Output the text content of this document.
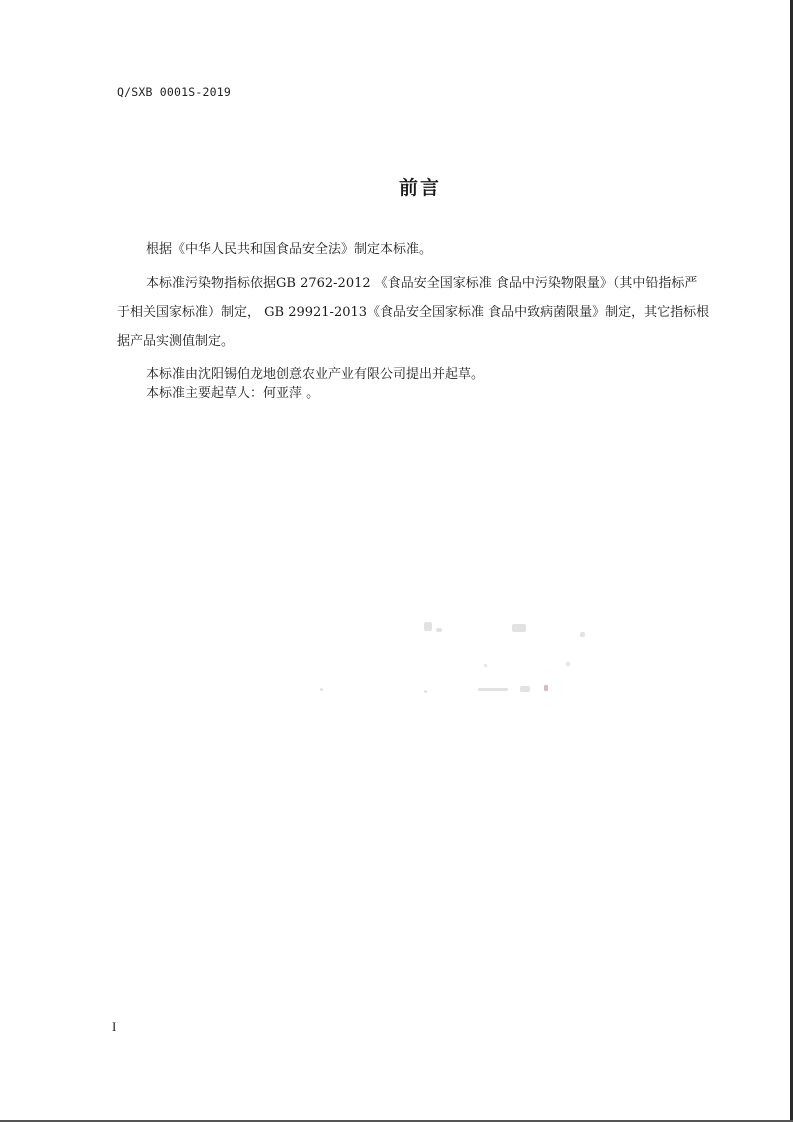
Q/SXB 0001S-2019
前言
根据《中华人民共和国食品安全法》制定本标准。
本标准污染物指标依据GB 2762-2012 《食品安全国家标准 食品中污染物限量》（其中铅指标严
于相关国家标准）制定， GB 29921-2013《食品安全国家标准 食品中致病菌限量》制定，其它指标根
据产品实测值制定。
本标准由沈阳锡伯龙地创意农业产业有限公司提出并起草。
本标准主要起草人：何亚萍 。
I
